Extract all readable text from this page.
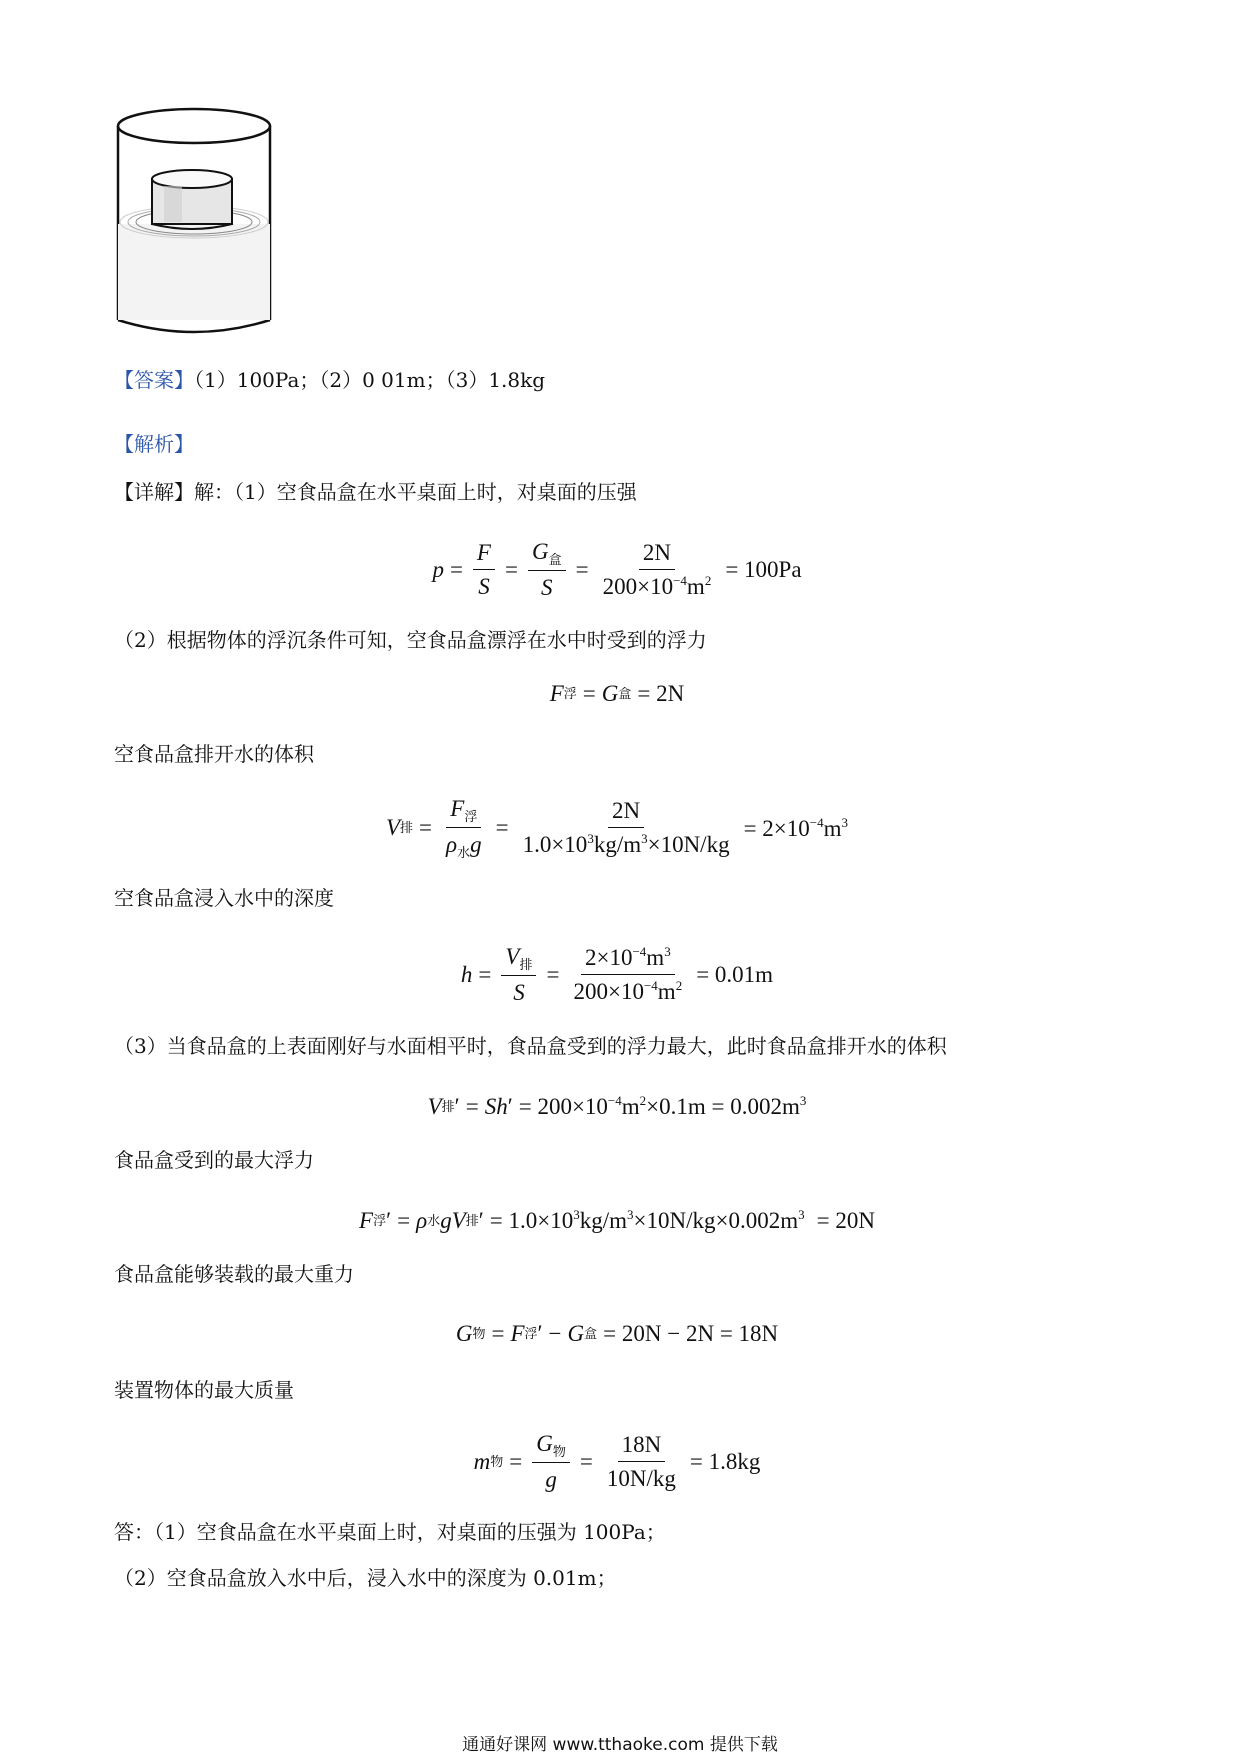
【答案】（1）100Pa；（2）0 01m；（3）1.8kg
【解析】
【详解】解：（1）空食品盒在水平桌面上时，对桌面的压强
$p = \frac{F}{S} = \frac{G_盒}{S} = \frac{2N}{200\times 10^{-4}m^2} = 100Pa$
（2）根据物体的浮沉条件可知，空食品盒漂浮在水中时受到的浮力
F 浮 = G 盒 = 2N
空食品盒排开水的体积
V 排 = $\frac{F_浮}{\rho_水g} = \frac{2N}{1.0\times 10^3kg/m^3\times 10N/kg} = 2\times 10^{-4}m^3$
空食品盒浸入水中的深度
$h = \frac{V_排}{S} = \frac{2\times 10^{-4}m^3}{200\times 10^{-4}m^2} = 0.01m$
（3）当食品盒的上表面刚好与水面相平时，食品盒受到的浮力最大，此时食品盒排开水的体积
V 排 ′ = Sh ′ = $200\times 10^{-4}m^2\times 0.1m = 0.002m^3$
食品盒受到的最大浮力
F 浮 ′ = ρ 水 gV 排 ′ = $1.0\times 10^3kg/m^3\times 10N/kg\times 0.002m^3 = 20N$
食品盒能够装载的最大重力
G 物 = F 浮 ′ − G 盒 = 20N − 2N = 18N
装置物体的最大质量
m 物 = $\frac{G_物}{g} = \frac{18N}{10N/kg} = 1.8kg$
答：（1）空食品盒在水平桌面上时，对桌面的压强为 100Pa；
（2）空食品盒放入水中后，浸入水中的深度为 0.01m；
通通好课网 www.tthaoke.com 提供下载
